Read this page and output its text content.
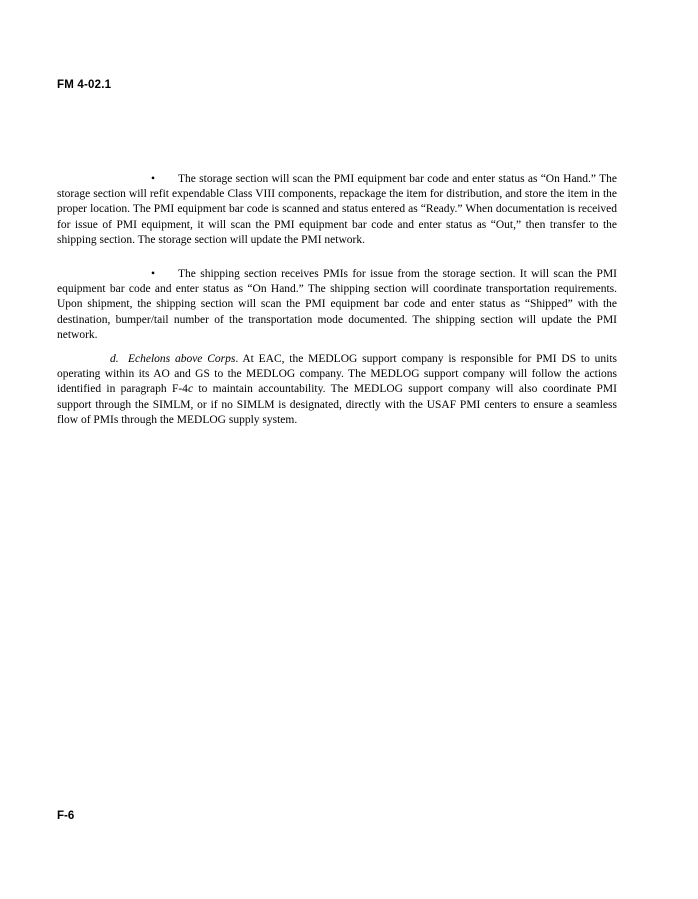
FM 4-02.1

• The storage section will scan the PMI equipment bar code and enter status as “On Hand.” The storage section will refit expendable Class VIII components, repackage the item for distribution, and store the item in the proper location. The PMI equipment bar code is scanned and status entered as “Ready.” When documentation is received for issue of PMI equipment, it will scan the PMI equipment bar code and enter status as “Out,” then transfer to the shipping section. The storage section will update the PMI network.

• The shipping section receives PMIs for issue from the storage section. It will scan the PMI equipment bar code and enter status as “On Hand.” The shipping section will coordinate transportation requirements. Upon shipment, the shipping section will scan the PMI equipment bar code and enter status as “Shipped” with the destination, bumper/tail number of the transportation mode documented. The shipping section will update the PMI network.

d. Echelons above Corps. At EAC, the MEDLOG support company is responsible for PMI DS to units operating within its AO and GS to the MEDLOG company. The MEDLOG support company will follow the actions identified in paragraph F-4c to maintain accountability. The MEDLOG support company will also coordinate PMI support through the SIMLM, or if no SIMLM is designated, directly with the USAF PMI centers to ensure a seamless flow of PMIs through the MEDLOG supply system.

F-6
